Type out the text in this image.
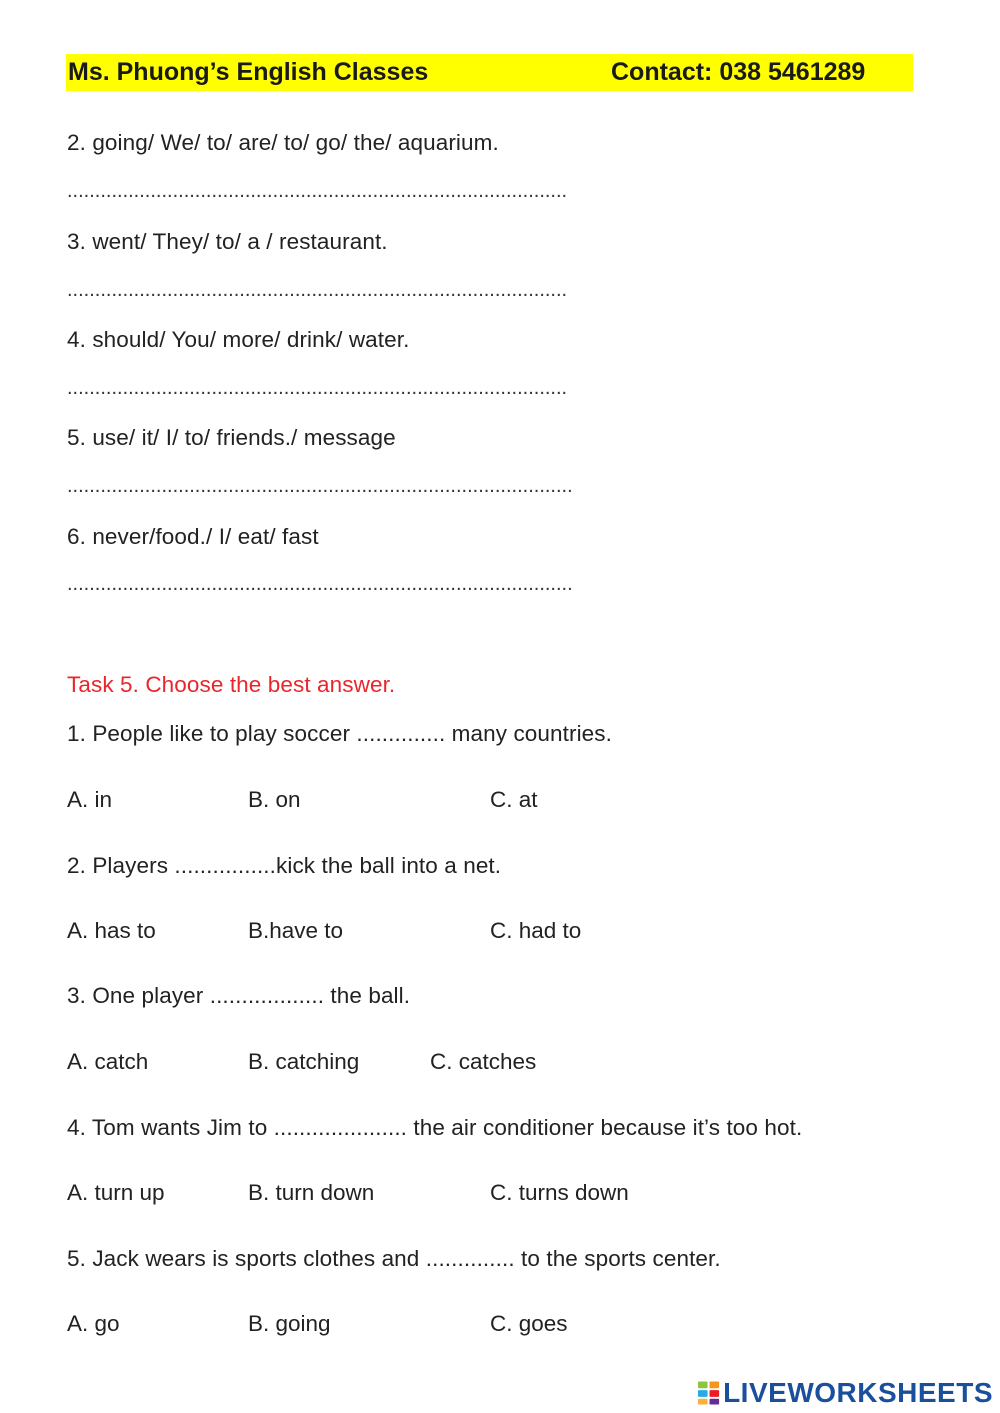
Ms. Phuong’s English Classes	Contact: 038 5461289
2. going/ We/ to/ are/ to/ go/ the/ aquarium.
..........................................................................................
3. went/ They/ to/ a / restaurant.
..........................................................................................
4. should/ You/ more/ drink/ water.
..........................................................................................
5. use/ it/ I/ to/ friends./ message
...........................................................................................
6. never/food./ I/ eat/ fast
...........................................................................................
Task 5. Choose the best answer.
1. People like to play soccer .............. many countries.
A. in	B. on	C. at
2. Players ................kick the ball into a net.
A. has to	B.have to	C. had to
3. One player .................. the ball.
A. catch	B. catching	C. catches
4. Tom wants Jim to ..................... the air conditioner because it’s too hot.
A. turn up	B. turn down	C. turns down
5. Jack wears is sports clothes and .............. to the sports center.
A. go	B. going	C. goes
LIVEWORKSHEETS
